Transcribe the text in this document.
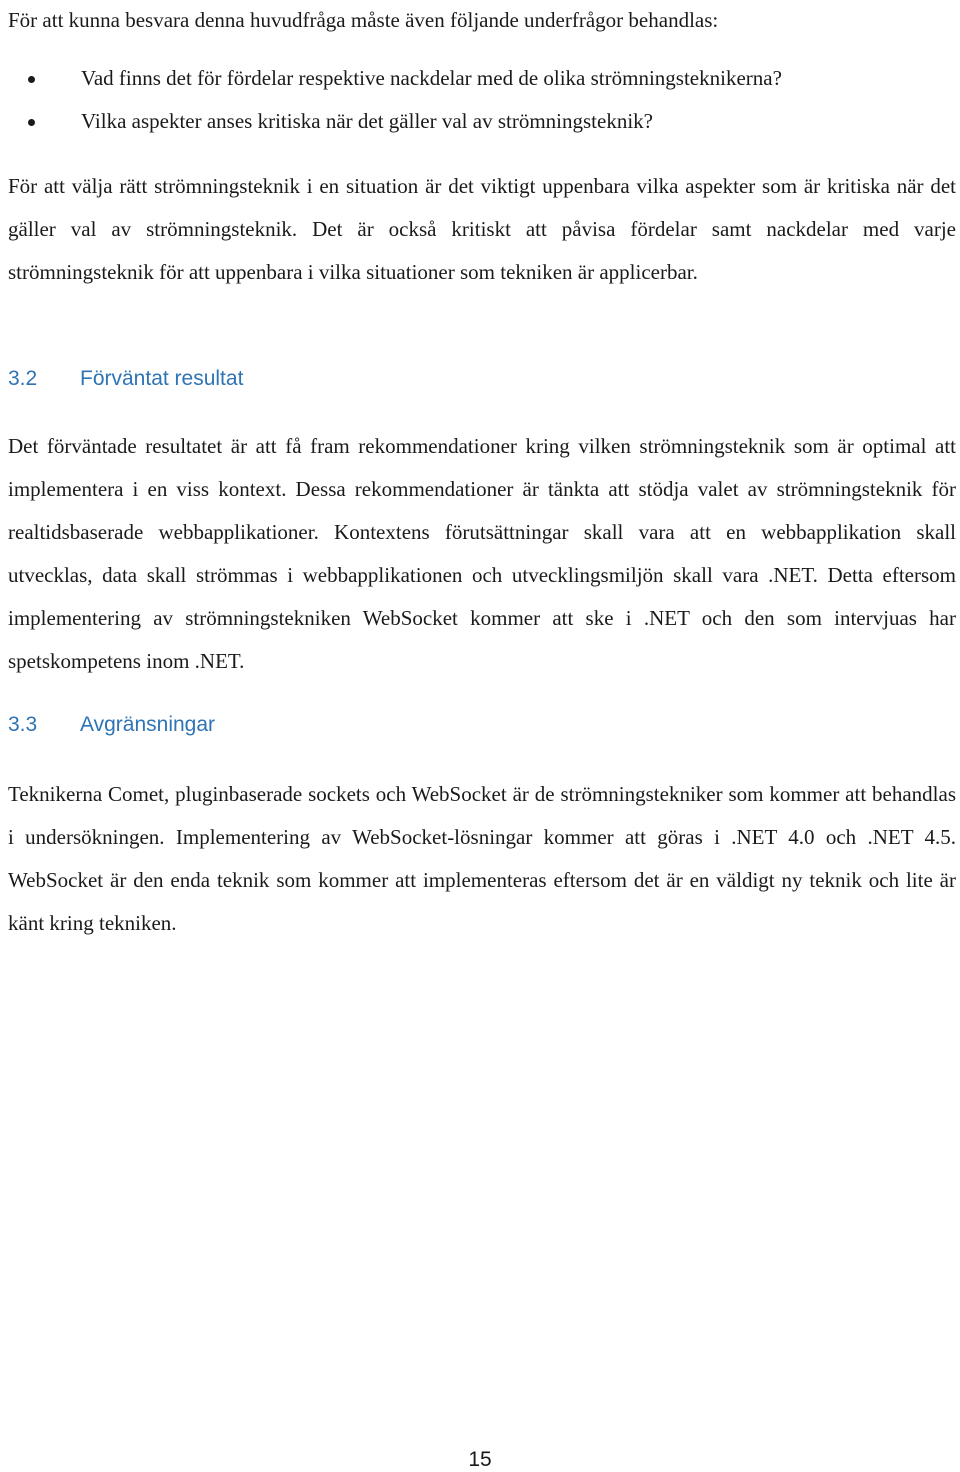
För att kunna besvara denna huvudfråga måste även följande underfrågor behandlas:

Vad finns det för fördelar respektive nackdelar med de olika strömningsteknikerna?
Vilka aspekter anses kritiska när det gäller val av strömningsteknik?

För att välja rätt strömningsteknik i en situation är det viktigt uppenbara vilka aspekter som är kritiska när det gäller val av strömningsteknik. Det är också kritiskt att påvisa fördelar samt nackdelar med varje strömningsteknik för att uppenbara i vilka situationer som tekniken är applicerbar.

3.2 Förväntat resultat

Det förväntade resultatet är att få fram rekommendationer kring vilken strömningsteknik som är optimal att implementera i en viss kontext. Dessa rekommendationer är tänkta att stödja valet av strömningsteknik för realtidsbaserade webbapplikationer. Kontextens förutsättningar skall vara att en webbapplikation skall utvecklas, data skall strömmas i webbapplikationen och utvecklingsmiljön skall vara .NET. Detta eftersom implementering av strömningstekniken WebSocket kommer att ske i .NET och den som intervjuas har spetskompetens inom .NET.

3.3 Avgränsningar

Teknikerna Comet, pluginbaserade sockets och WebSocket är de strömningstekniker som kommer att behandlas i undersökningen. Implementering av WebSocket-lösningar kommer att göras i .NET 4.0 och .NET 4.5. WebSocket är den enda teknik som kommer att implementeras eftersom det är en väldigt ny teknik och lite är känt kring tekniken.

15
